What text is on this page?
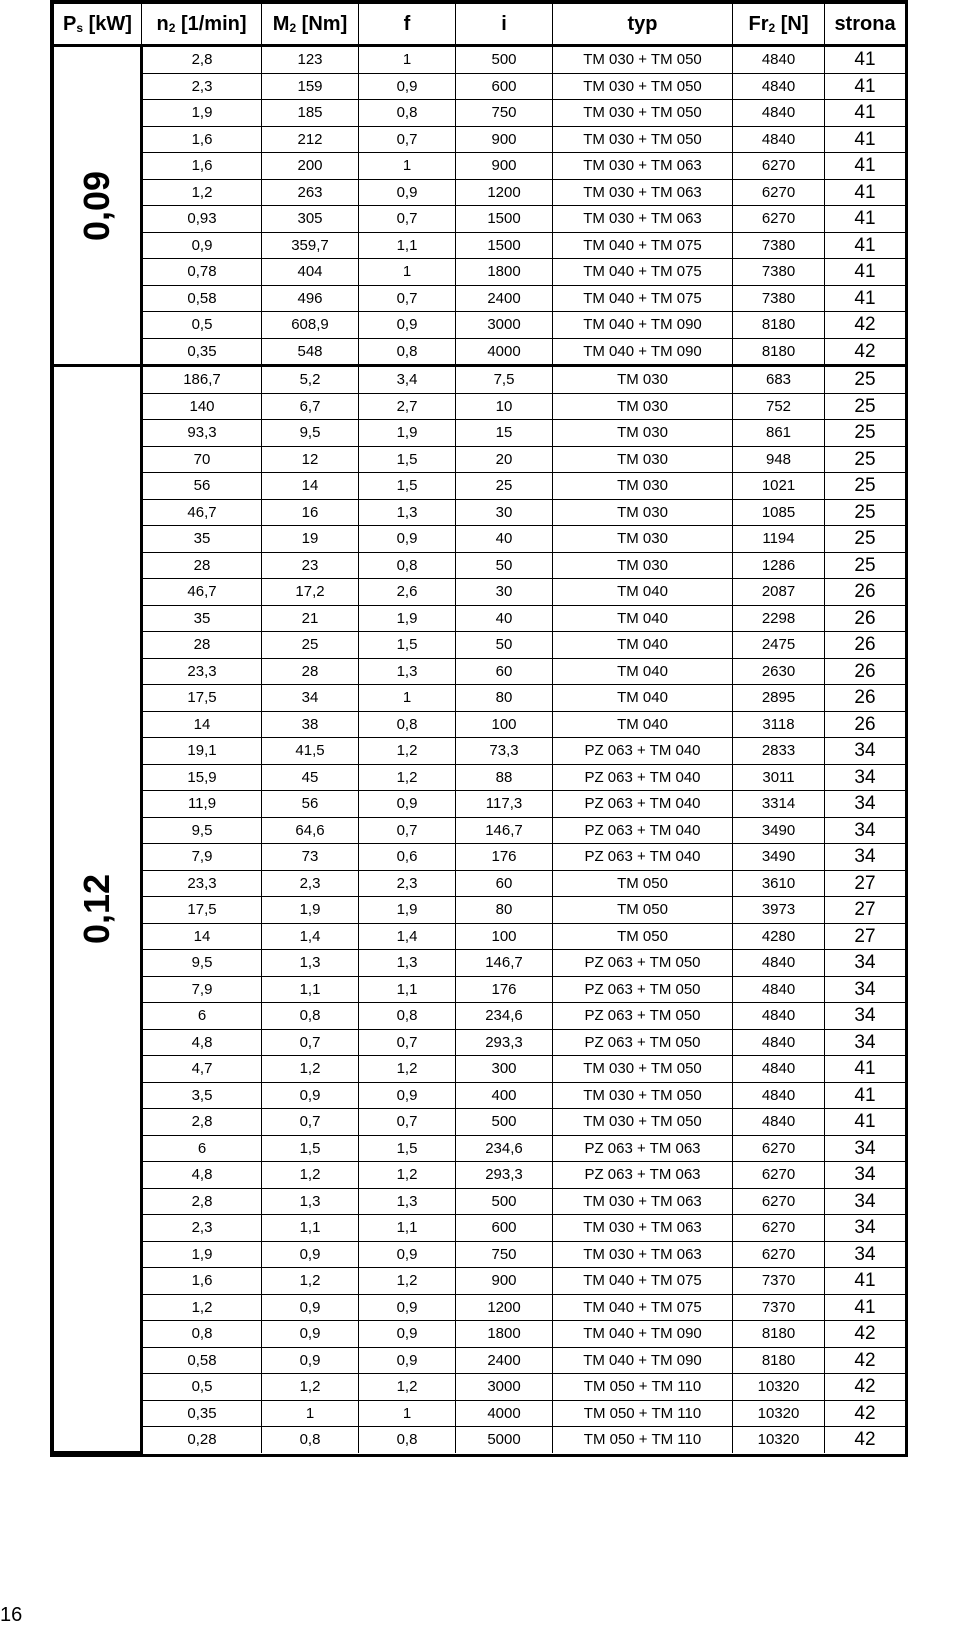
$P_s$ [kW]	$n_2$ [1/min]	$M_2$ [Nm]	f	i	typ	$Fr_2$ [N]	strona

0,09	2,8	123	1	500	TM 030 + TM 050	4840	41
	2,3	159	0,9	600	TM 030 + TM 050	4840	41
	1,9	185	0,8	750	TM 030 + TM 050	4840	41
	1,6	212	0,7	900	TM 030 + TM 050	4840	41
	1,6	200	1	900	TM 030 + TM 063	6270	41
	1,2	263	0,9	1200	TM 030 + TM 063	6270	41
	0,93	305	0,7	1500	TM 030 + TM 063	6270	41
	0,9	359,7	1,1	1500	TM 040 + TM 075	7380	41
	0,78	404	1	1800	TM 040 + TM 075	7380	41
	0,58	496	0,7	2400	TM 040 + TM 075	7380	41
	0,5	608,9	0,9	3000	TM 040 + TM 090	8180	42
	0,35	548	0,8	4000	TM 040 + TM 090	8180	42

0,12	186,7	5,2	3,4	7,5	TM 030	683	25
	140	6,7	2,7	10	TM 030	752	25
	93,3	9,5	1,9	15	TM 030	861	25
	70	12	1,5	20	TM 030	948	25
	56	14	1,5	25	TM 030	1021	25
	46,7	16	1,3	30	TM 030	1085	25
	35	19	0,9	40	TM 030	1194	25
	28	23	0,8	50	TM 030	1286	25
	46,7	17,2	2,6	30	TM 040	2087	26
	35	21	1,9	40	TM 040	2298	26
	28	25	1,5	50	TM 040	2475	26
	23,3	28	1,3	60	TM 040	2630	26
	17,5	34	1	80	TM 040	2895	26
	14	38	0,8	100	TM 040	3118	26
	19,1	41,5	1,2	73,3	PZ 063 + TM 040	2833	34
	15,9	45	1,2	88	PZ 063 + TM 040	3011	34
	11,9	56	0,9	117,3	PZ 063 + TM 040	3314	34
	9,5	64,6	0,7	146,7	PZ 063 + TM 040	3490	34
	7,9	73	0,6	176	PZ 063 + TM 040	3490	34
	23,3	2,3	2,3	60	TM 050	3610	27
	17,5	1,9	1,9	80	TM 050	3973	27
	14	1,4	1,4	100	TM 050	4280	27
	9,5	1,3	1,3	146,7	PZ 063 + TM 050	4840	34
	7,9	1,1	1,1	176	PZ 063 + TM 050	4840	34
	6	0,8	0,8	234,6	PZ 063 + TM 050	4840	34
	4,8	0,7	0,7	293,3	PZ 063 + TM 050	4840	34
	4,7	1,2	1,2	300	TM 030 + TM 050	4840	41
	3,5	0,9	0,9	400	TM 030 + TM 050	4840	41
	2,8	0,7	0,7	500	TM 030 + TM 050	4840	41
	6	1,5	1,5	234,6	PZ 063 + TM 063	6270	34
	4,8	1,2	1,2	293,3	PZ 063 + TM 063	6270	34
	2,8	1,3	1,3	500	TM 030 + TM 063	6270	34
	2,3	1,1	1,1	600	TM 030 + TM 063	6270	34
	1,9	0,9	0,9	750	TM 030 + TM 063	6270	34
	1,6	1,2	1,2	900	TM 040 + TM 075	7370	41
	1,2	0,9	0,9	1200	TM 040 + TM 075	7370	41
	0,8	0,9	0,9	1800	TM 040 + TM 090	8180	42
	0,58	0,9	0,9	2400	TM 040 + TM 090	8180	42
	0,5	1,2	1,2	3000	TM 050 + TM 110	10320	42
	0,35	1	1	4000	TM 050 + TM 110	10320	42
	0,28	0,8	0,8	5000	TM 050 + TM 110	10320	42
16
